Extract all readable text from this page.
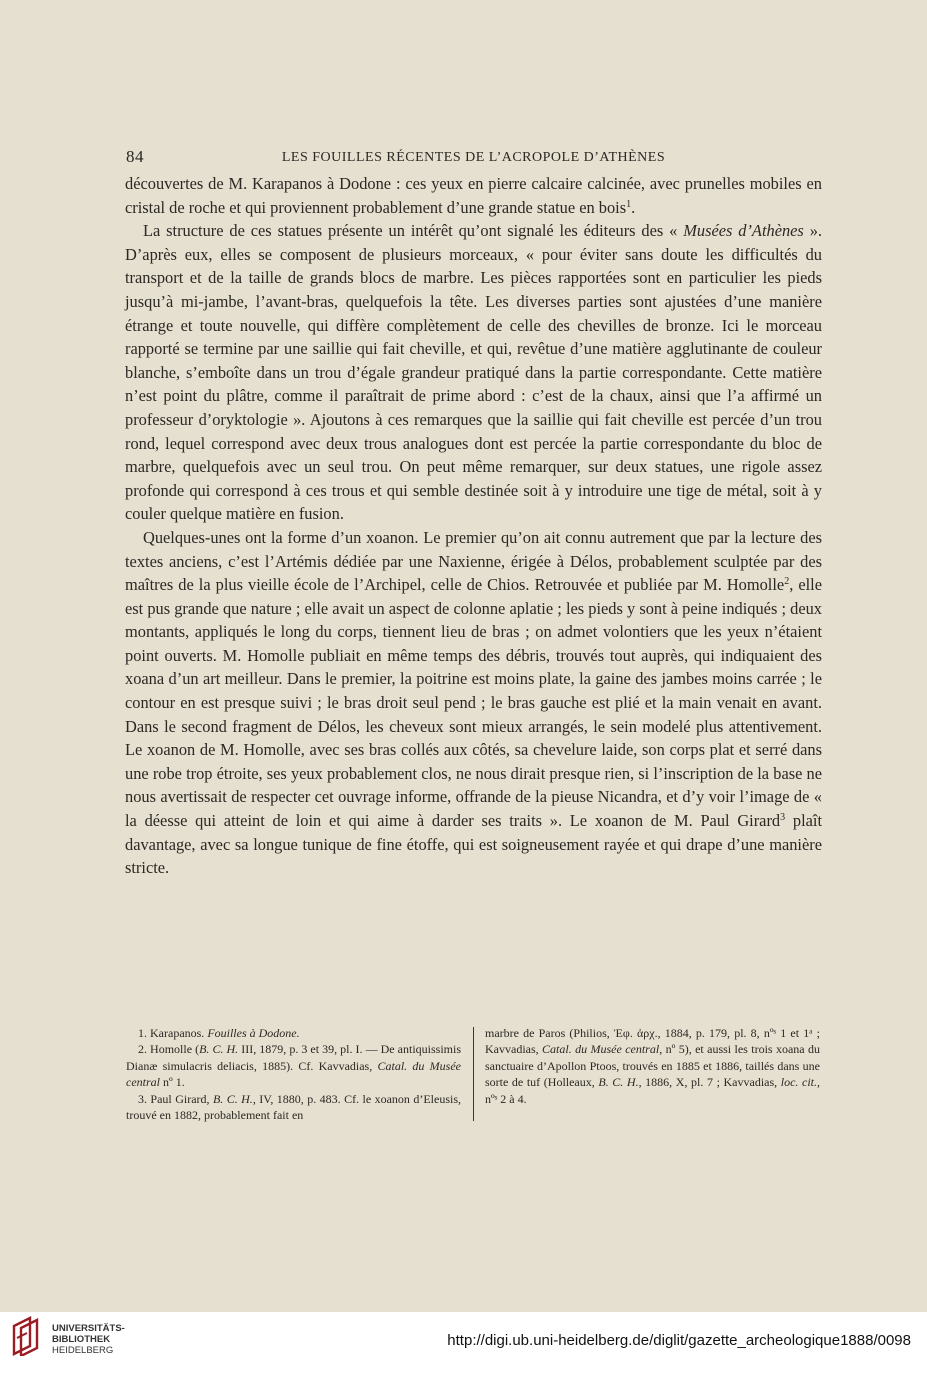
84	LES FOUILLES RÉCENTES DE L’ACROPOLE D’ATHÈNES

découvertes de M. Karapanos à Dodone : ces yeux en pierre calcaire calcinée, avec prunelles mobiles en cristal de roche et qui proviennent probablement d’une grande statue en bois$^1$.

La structure de ces statues présente un intérêt qu’ont signalé les éditeurs des « Musées d’Athènes ». D’après eux, elles se composent de plusieurs morceaux, « pour éviter sans doute les difficultés du transport et de la taille de grands blocs de marbre. Les pièces rapportées sont en particulier les pieds jusqu’à mi-jambe, l’avant-bras, quelquefois la tête. Les diverses parties sont ajustées d’une manière étrange et toute nouvelle, qui diffère complètement de celle des chevilles de bronze. Ici le morceau rapporté se termine par une saillie qui fait cheville, et qui, revêtue d’une matière agglutinante de couleur blanche, s’emboîte dans un trou d’égale grandeur pratiqué dans la partie correspondante. Cette matière n’est point du plâtre, comme il paraîtrait de prime abord : c’est de la chaux, ainsi que l’a affirmé un professeur d’oryktologie ». Ajoutons à ces remarques que la saillie qui fait cheville est percée d’un trou rond, lequel correspond avec deux trous analogues dont est percée la partie correspondante du bloc de marbre, quelquefois avec un seul trou. On peut même remarquer, sur deux statues, une rigole assez profonde qui correspond à ces trous et qui semble destinée soit à y introduire une tige de métal, soit à y couler quelque matière en fusion.

Quelques-unes ont la forme d’un xoanon. Le premier qu’on ait connu autrement que par la lecture des textes anciens, c’est l’Artémis dédiée par une Naxienne, érigée à Délos, probablement sculptée par des maîtres de la plus vieille école de l’Archipel, celle de Chios. Retrouvée et publiée par M. Homolle$^2$, elle est pus grande que nature ; elle avait un aspect de colonne aplatie ; les pieds y sont à peine indiqués ; deux montants, appliqués le long du corps, tiennent lieu de bras ; on admet volontiers que les yeux n’étaient point ouverts. M. Homolle publiait en même temps des débris, trouvés tout auprès, qui indiquaient des xoana d’un art meilleur. Dans le premier, la poitrine est moins plate, la gaine des jambes moins carrée ; le contour en est presque suivi ; le bras droit seul pend ; le bras gauche est plié et la main venait en avant. Dans le second fragment de Délos, les cheveux sont mieux arrangés, le sein modelé plus attentivement. Le xoanon de M. Homolle, avec ses bras collés aux côtés, sa chevelure laide, son corps plat et serré dans une robe trop étroite, ses yeux probablement clos, ne nous dirait presque rien, si l’inscription de la base ne nous avertissait de respecter cet ouvrage informe, offrande de la pieuse Nicandra, et d’y voir l’image de « la déesse qui atteint de loin et qui aime à darder ses traits ». Le xoanon de M. Paul Girard$^3$ plaît davantage, avec sa longue tunique de fine étoffe, qui est soigneusement rayée et qui drape d’une manière stricte.

1. Karapanos. Fouilles à Dodone.

2. Homolle (B. C. H. III, 1879, p. 3 et 39, pl. I. — De antiquissimis Dianæ simulacris deliacis, 1885). Cf. Kavvadias, Catal. du Musée central nº 1.

3. Paul Girard, B. C. H., IV, 1880, p. 483. Cf. le xoanon d’Eleusis, trouvé en 1882, probablement fait en

marbre de Paros (Philios, Ἐφ. ἀρχ., 1884, p. 179, pl. 8, nºˢ 1 et 1ᵃ ; Kavvadias, Catal. du Musée central, nº 5), et aussi les trois xoana du sanctuaire d’Apollon Ptoos, trouvés en 1885 et 1886, taillés dans une sorte de tuf (Holleaux, B. C. H., 1886, X, pl. 7 ; Kavvadias, loc. cit., nºˢ 2 à 4.

UNIVERSITÄTS-
BIBLIOTHEK
HEIDELBERG
http://digi.ub.uni-heidelberg.de/diglit/gazette_archeologique1888/0098
